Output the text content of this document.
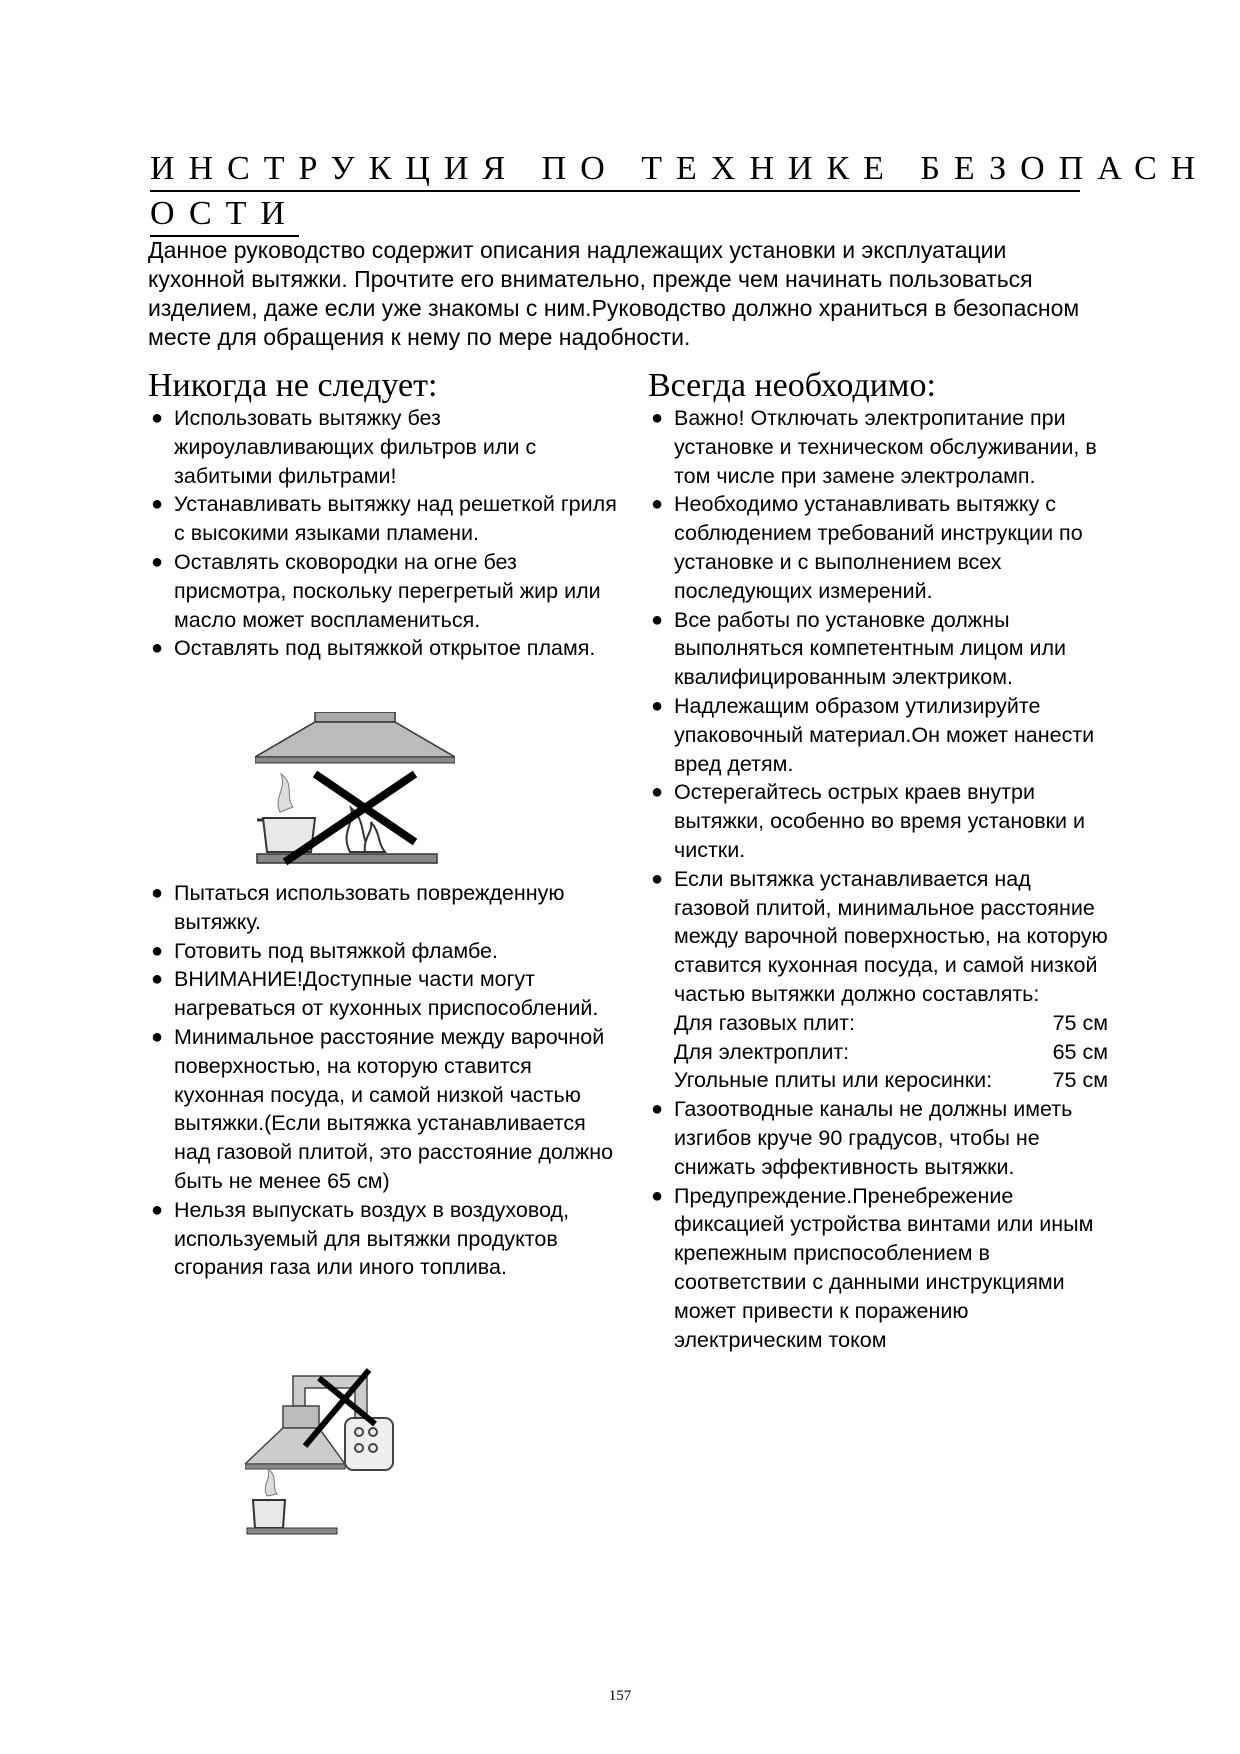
ИНСТРУКЦИЯ ПО ТЕХНИКЕ БЕЗОПАСН
ОСТИ
Данное руководство содержит описания надлежащих установки и эксплуатации кухонной вытяжки. Прочтите его внимательно, прежде чем начинать пользоваться изделием, даже если уже знакомы с ним.Руководство должно храниться в безопасном месте для обращения к нему по мере надобности.
Никогда не следует:

● Использовать вытяжку без жироулавливающих фильтров или с забитыми фильтрами!

● Устанавливать вытяжку над решеткой гриля с высокими языками пламени.

● Оставлять сковородки на огне без присмотра, поскольку перегретый жир или масло может воспламениться.

● Оставлять под вытяжкой открытое пламя.

● Пытаться использовать поврежденную вытяжку.

● Готовить под вытяжкой фламбе.

● ВНИМАНИЕ!Доступные части могут нагреваться от кухонных приспособлений.

● Минимальное расстояние между варочной поверхностью, на которую ставится кухонная посуда, и самой низкой частью вытяжки.(Если вытяжка устанавливается над газовой плитой, это расстояние должно быть не менее 65 см)

● Нельзя выпускать воздух в воздуховод, используемый для вытяжки продуктов сгорания газа или иного топлива.

Всегда необходимо:

● Важно! Отключать электропитание при установке и техническом обслуживании, в том числе при замене электроламп.

● Необходимо устанавливать вытяжку с соблюдением требований инструкции по установке и с выполнением всех последующих измерений.

● Все работы по установке должны выполняться компетентным лицом или квалифицированным электриком.

● Надлежащим образом утилизируйте упаковочный материал.Он может нанести вред детям.

● Остерегайтесь острых краев внутри вытяжки, особенно во время установки и чистки.

● Если вытяжка устанавливается над газовой плитой, минимальное расстояние между варочной поверхностью, на которую ставится кухонная посуда, и самой низкой частью вытяжки должно составлять:

Для газовых плит:	75 см
Для электроплит:	65 см
Угольные плиты или керосинки:	75 см

● Газоотводные каналы не должны иметь изгибов круче 90 градусов, чтобы не снижать эффективность вытяжки.

● Предупреждение.Пренебрежение фиксацией устройства винтами или иным крепежным приспособлением в соответствии с данными инструкциями может привести к поражению электрическим током

157
